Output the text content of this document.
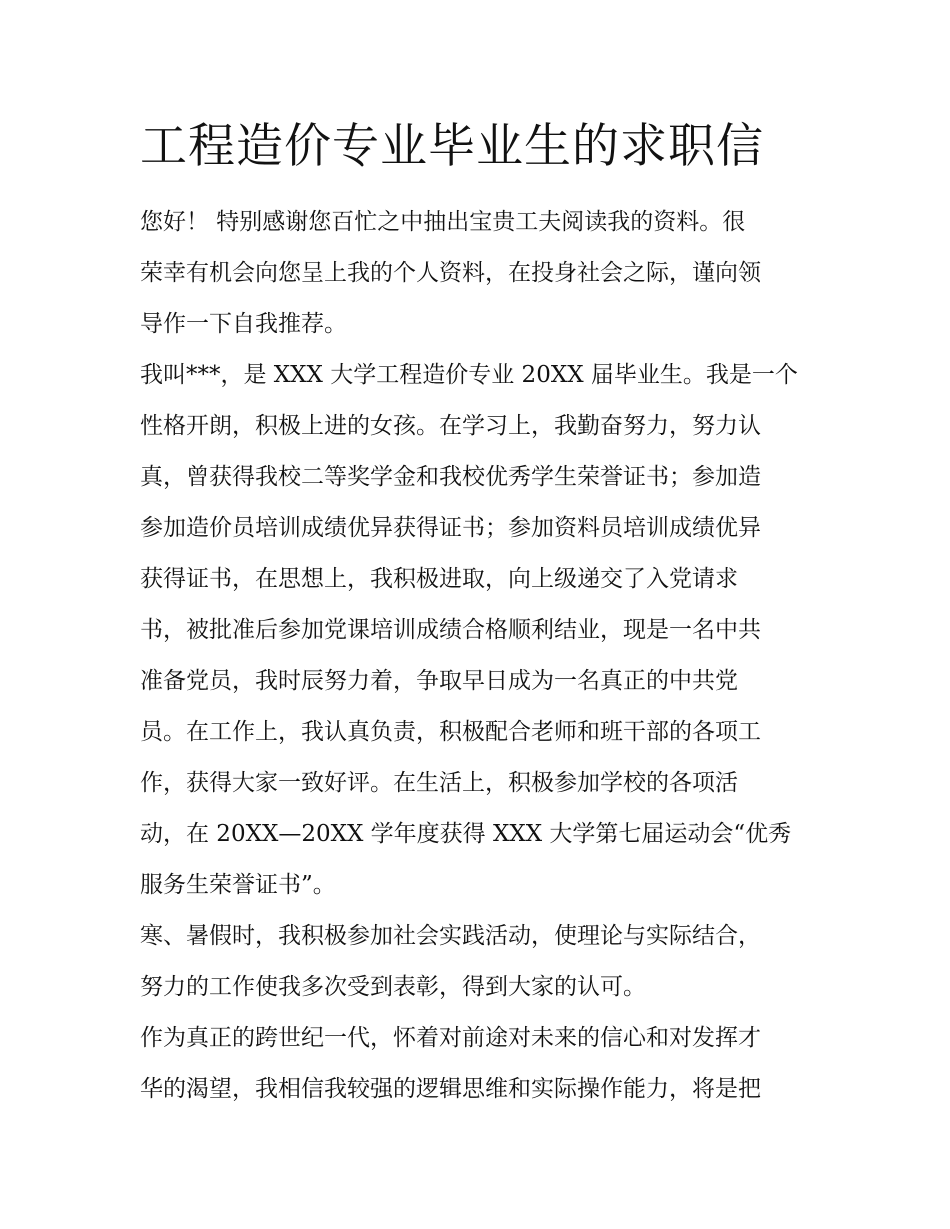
工程造价专业毕业生的求职信
您好！ 特别感谢您百忙之中抽出宝贵工夫阅读我的资料。很
荣幸有机会向您呈上我的个人资料，在投身社会之际，谨向领
导作一下自我推荐。
我叫***，是 XXX 大学工程造价专业 20XX 届毕业生。我是一个
性格开朗，积极上进的女孩。在学习上，我勤奋努力，努力认
真，曾获得我校二等奖学金和我校优秀学生荣誉证书；参加造
参加造价员培训成绩优异获得证书；参加资料员培训成绩优异
获得证书，在思想上，我积极进取，向上级递交了入党请求
书，被批准后参加党课培训成绩合格顺利结业，现是一名中共
准备党员，我时辰努力着，争取早日成为一名真正的中共党
员。在工作上，我认真负责，积极配合老师和班干部的各项工
作，获得大家一致好评。在生活上，积极参加学校的各项活
动，在 20XX—20XX 学年度获得 XXX 大学第七届运动会“优秀
服务生荣誉证书”。
寒、暑假时，我积极参加社会实践活动，使理论与实际结合，
努力的工作使我多次受到表彰，得到大家的认可。
作为真正的跨世纪一代，怀着对前途对未来的信心和对发挥才
华的渴望，我相信我较强的逻辑思维和实际操作能力，将是把
